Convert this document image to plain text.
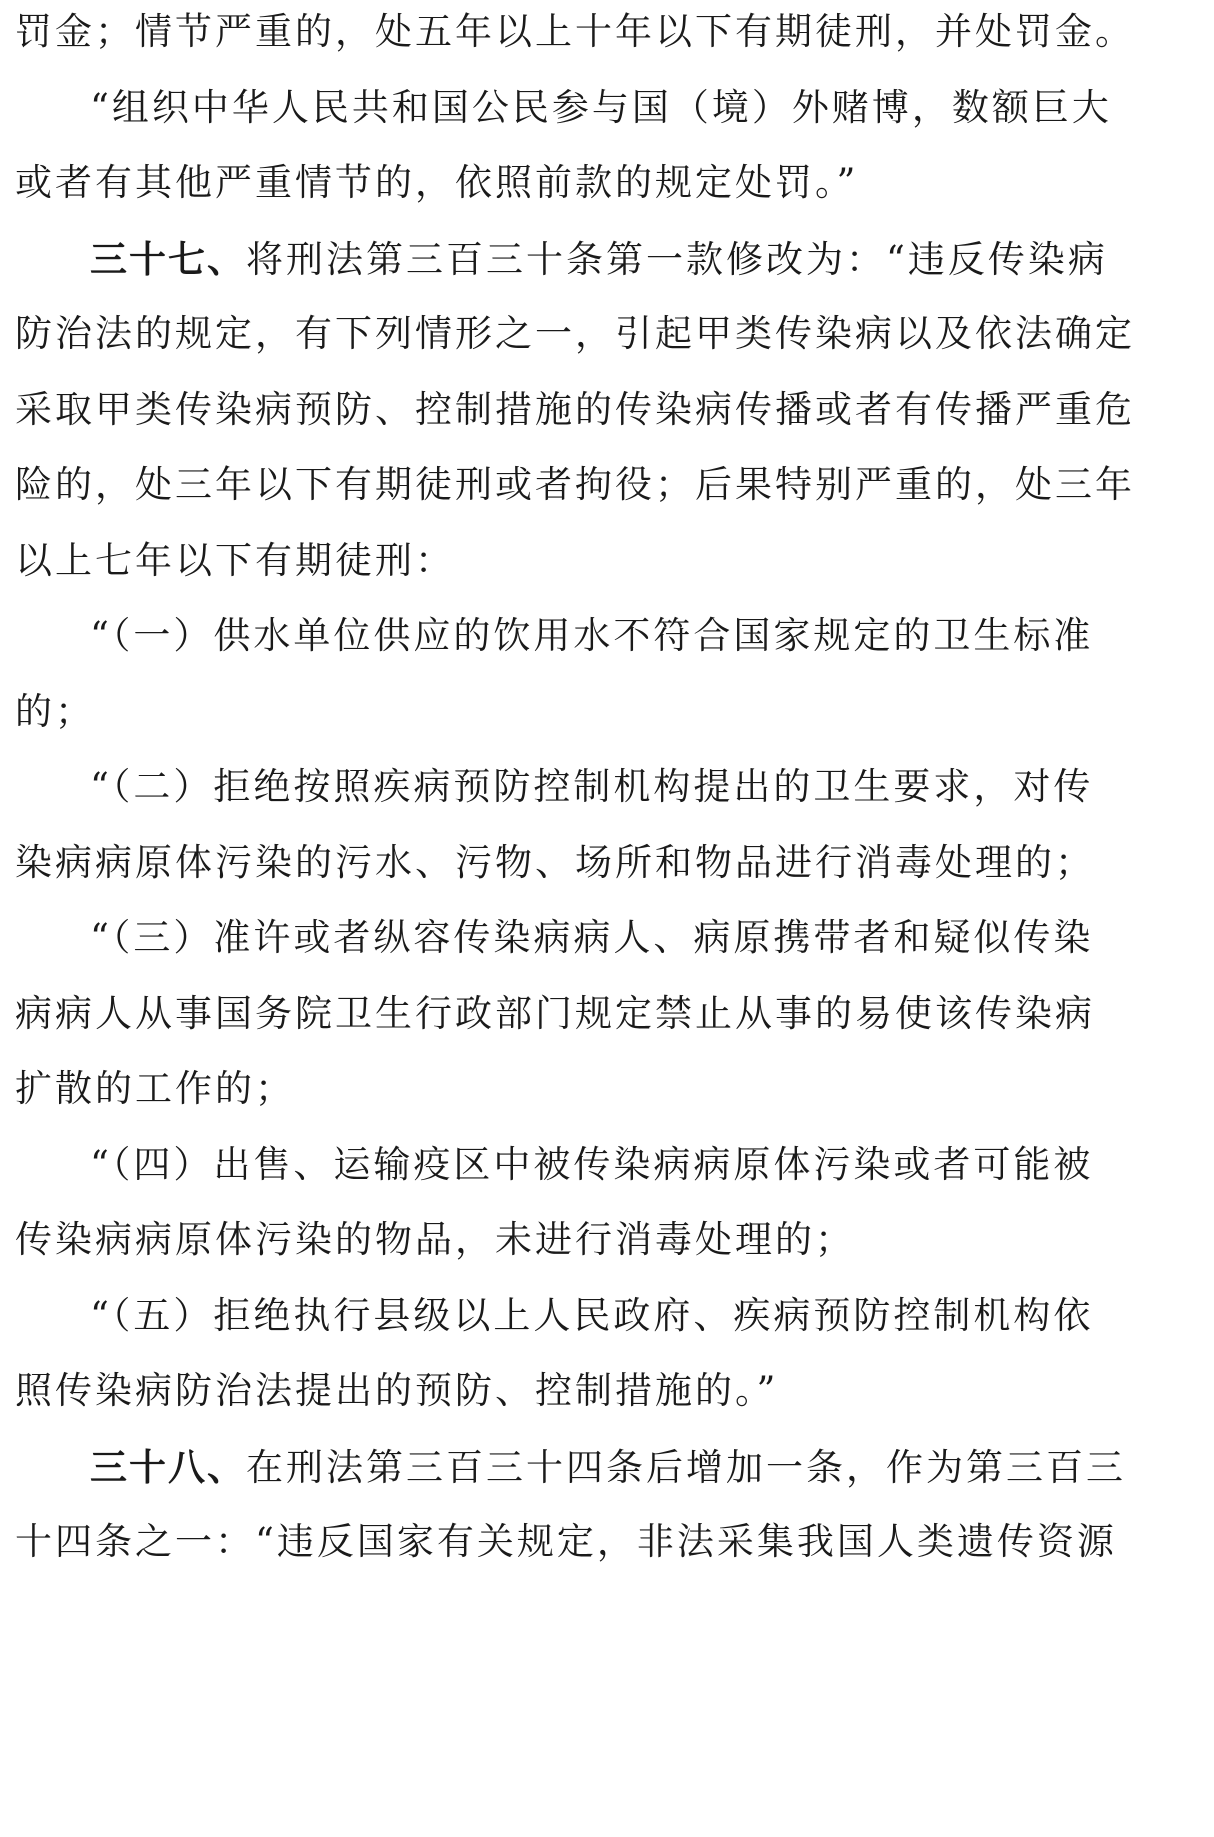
罚金；情节严重的，处五年以上十年以下有期徒刑，并处罚金。

“组织中华人民共和国公民参与国（境）外赌博，数额巨大

或者有其他严重情节的，依照前款的规定处罚。”

三十七、将刑法第三百三十条第一款修改为：“违反传染病

防治法的规定，有下列情形之一，引起甲类传染病以及依法确定

采取甲类传染病预防、控制措施的传染病传播或者有传播严重危

险的，处三年以下有期徒刑或者拘役；后果特别严重的，处三年

以上七年以下有期徒刑：

“（一）供水单位供应的饮用水不符合国家规定的卫生标准

的；

“（二）拒绝按照疾病预防控制机构提出的卫生要求，对传

染病病原体污染的污水、污物、场所和物品进行消毒处理的；

“（三）准许或者纵容传染病病人、病原携带者和疑似传染

病病人从事国务院卫生行政部门规定禁止从事的易使该传染病

扩散的工作的；

“（四）出售、运输疫区中被传染病病原体污染或者可能被

传染病病原体污染的物品，未进行消毒处理的；

“（五）拒绝执行县级以上人民政府、疾病预防控制机构依

照传染病防治法提出的预防、控制措施的。”

三十八、在刑法第三百三十四条后增加一条，作为第三百三

十四条之一：“违反国家有关规定，非法采集我国人类遗传资源
